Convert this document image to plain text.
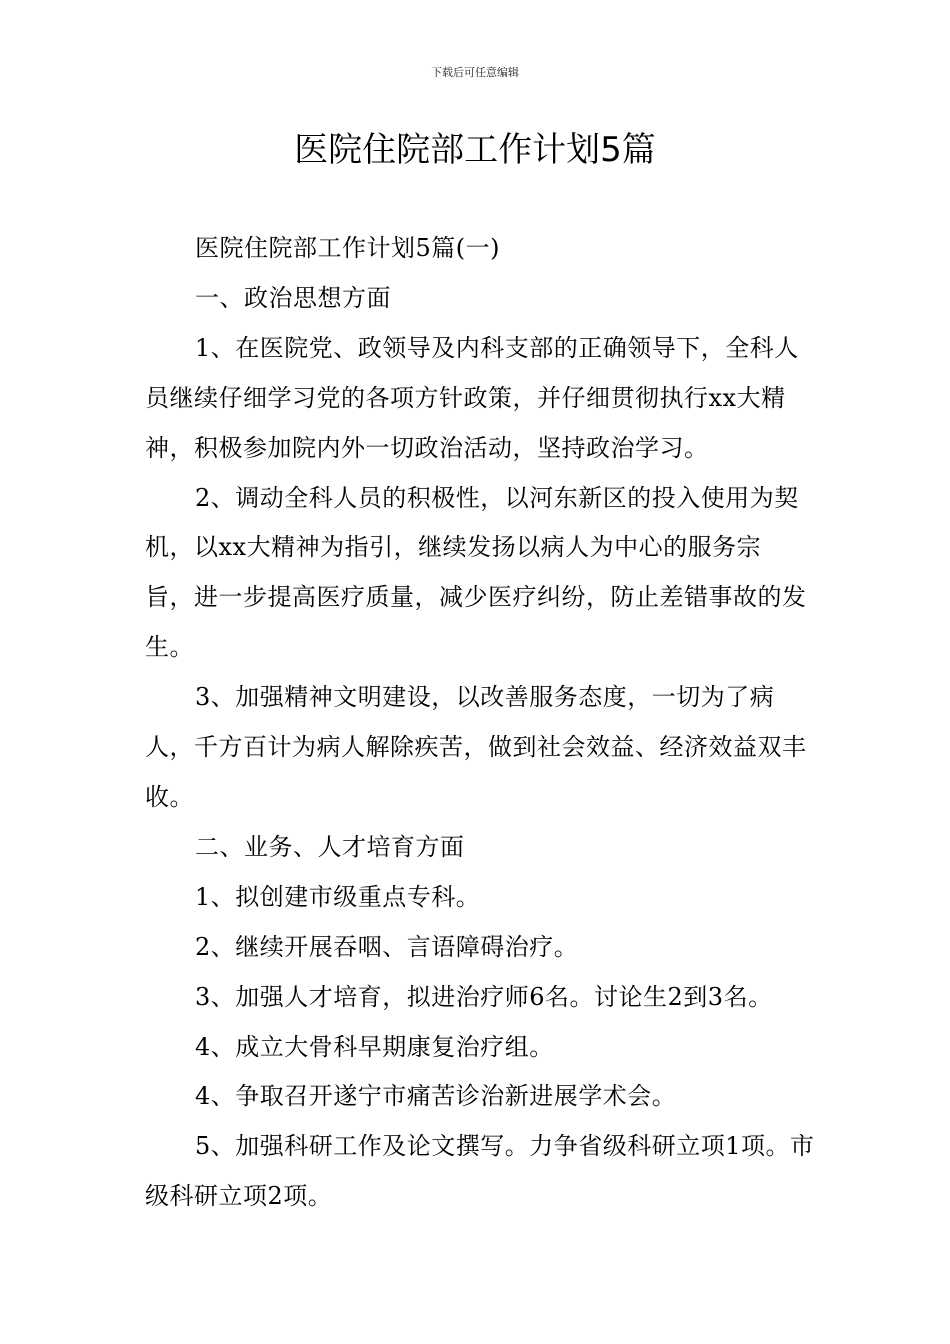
下载后可任意编辑
医院住院部工作计划5篇

医院住院部工作计划5篇(一)

一、政治思想方面

1、在医院党、政领导及内科支部的正确领导下，全科人员继续仔细学习党的各项方针政策，并仔细贯彻执行xx大精神，积极参加院内外一切政治活动，坚持政治学习。

2、调动全科人员的积极性，以河东新区的投入使用为契机，以xx大精神为指引，继续发扬以病人为中心的服务宗旨，进一步提高医疗质量，减少医疗纠纷，防止差错事故的发生。

3、加强精神文明建设，以改善服务态度，一切为了病人，千方百计为病人解除疾苦，做到社会效益、经济效益双丰收。

二、业务、人才培育方面

1、拟创建市级重点专科。

2、继续开展吞咽、言语障碍治疗。

3、加强人才培育，拟进治疗师6名。讨论生2到3名。

4、成立大骨科早期康复治疗组。

4、争取召开遂宁市痛苦诊治新进展学术会。

5、加强科研工作及论文撰写。力争省级科研立项1项。市级科研立项2项。
